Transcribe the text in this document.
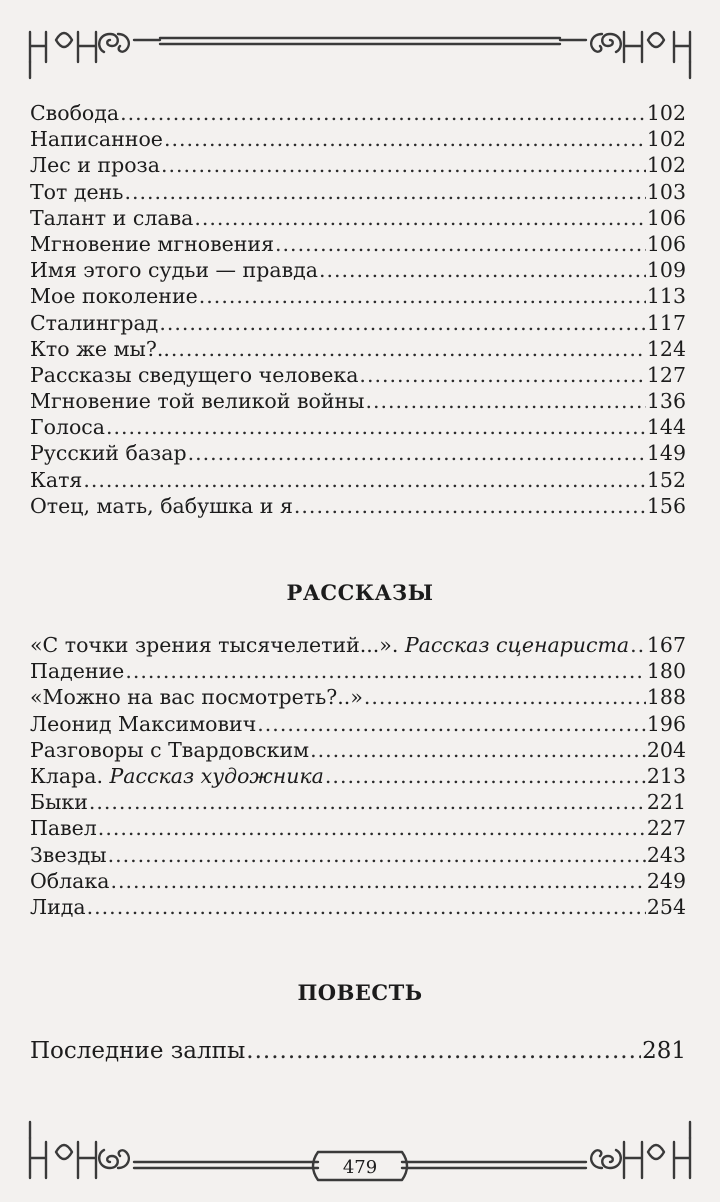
Свобода .....	102
Написанное .....	102
Лес и проза .....	102
Тот день .....	103
Талант и слава .....	106
Мгновение мгновения .....	106
Имя этого судьи — правда .....	109
Мое поколение .....	113
Сталинград .....	117
Кто же мы?.. .....	124
Рассказы сведущего человека .....	127
Мгновение той великой войны .....	136
Голоса .....	144
Русский базар .....	149
Катя .....	152
Отец, мать, бабушка и я .....	156
РАССКАЗЫ
«С точки зрения тысячелетий...». Рассказ сценариста ..... 167
Падение .....	180
«Можно на вас посмотреть?..» .....	188
Леонид Максимович .....	196
Разговоры с Твардовским .....	204
Клара. Рассказ художника .....	213
Быки .....	221
Павел .....	227
Звезды .....	243
Облака .....	249
Лида .....	254
ПОВЕСТЬ
Последние залпы .....	281
479
